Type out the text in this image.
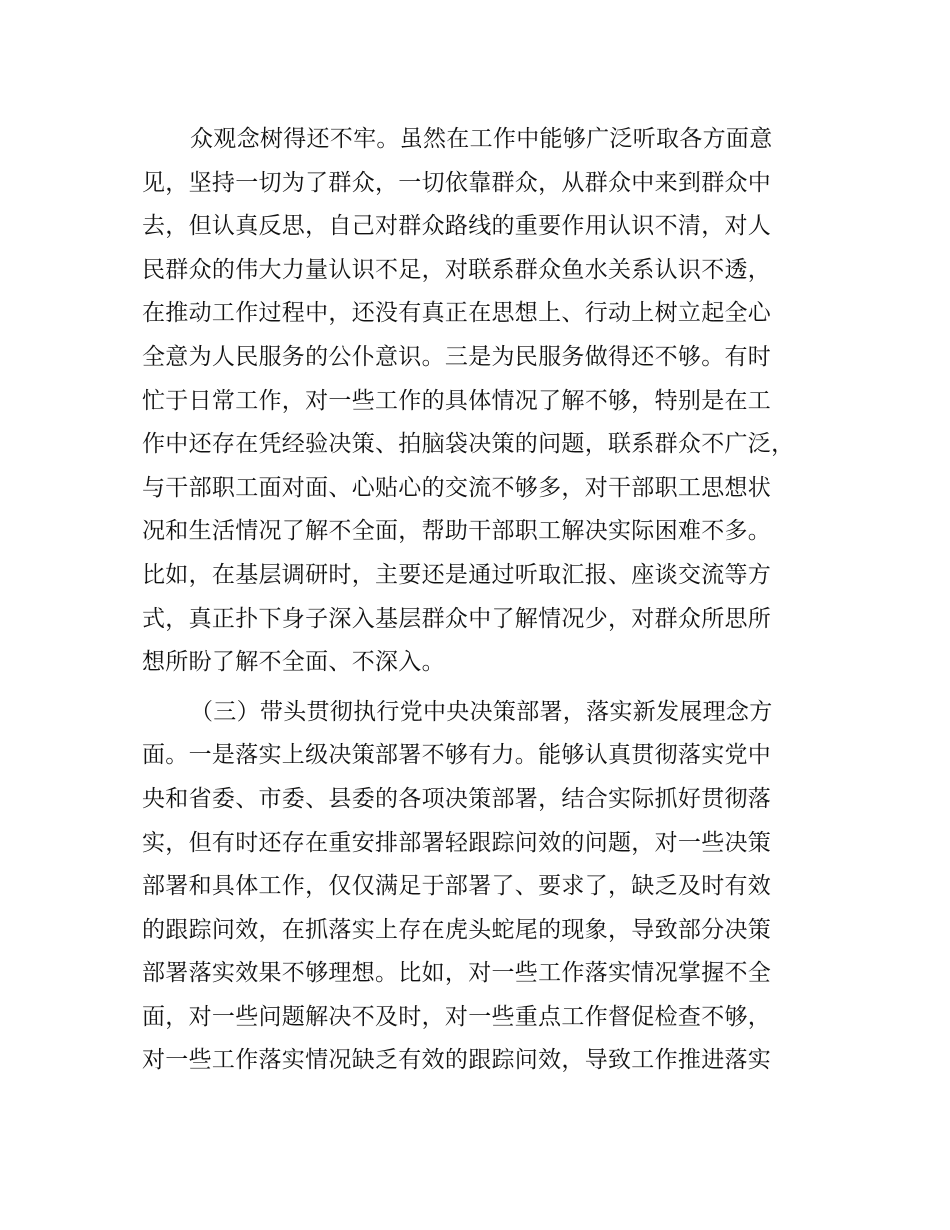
众观念树得还不牢。虽然在工作中能够广泛听取各方面意
见，坚持一切为了群众，一切依靠群众，从群众中来到群众中
去，但认真反思，自己对群众路线的重要作用认识不清，对人
民群众的伟大力量认识不足，对联系群众鱼水关系认识不透，
在推动工作过程中，还没有真正在思想上、行动上树立起全心
全意为人民服务的公仆意识。三是为民服务做得还不够。有时
忙于日常工作，对一些工作的具体情况了解不够，特别是在工
作中还存在凭经验决策、拍脑袋决策的问题，联系群众不广泛，
与干部职工面对面、心贴心的交流不够多，对干部职工思想状
况和生活情况了解不全面，帮助干部职工解决实际困难不多。
比如，在基层调研时，主要还是通过听取汇报、座谈交流等方
式，真正扑下身子深入基层群众中了解情况少，对群众所思所
想所盼了解不全面、不深入。
（三）带头贯彻执行党中央决策部署，落实新发展理念方
面。一是落实上级决策部署不够有力。能够认真贯彻落实党中
央和省委、市委、县委的各项决策部署，结合实际抓好贯彻落
实，但有时还存在重安排部署轻跟踪问效的问题，对一些决策
部署和具体工作，仅仅满足于部署了、要求了，缺乏及时有效
的跟踪问效，在抓落实上存在虎头蛇尾的现象，导致部分决策
部署落实效果不够理想。比如，对一些工作落实情况掌握不全
面，对一些问题解决不及时，对一些重点工作督促检查不够，
对一些工作落实情况缺乏有效的跟踪问效，导致工作推进落实
